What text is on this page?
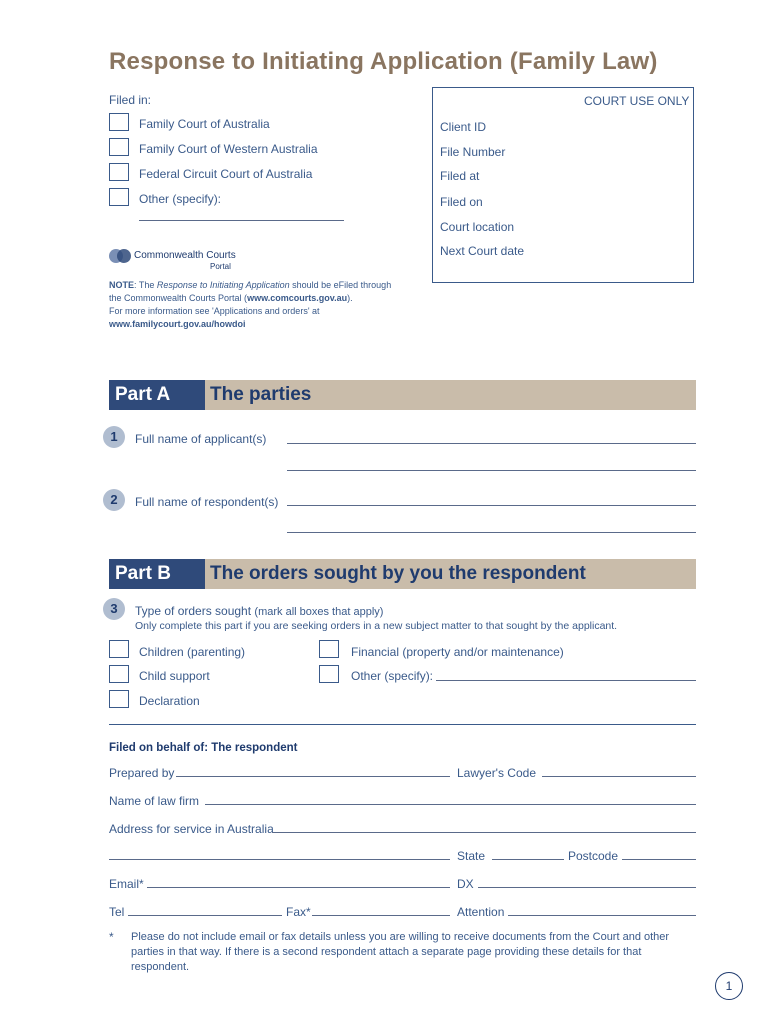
Response to Initiating Application (Family Law)
Filed in:
Family Court of Australia
Family Court of Western Australia
Federal Circuit Court of Australia
Other (specify):
COURT USE ONLY
Client ID
File Number
Filed at
Filed on
Court location
Next Court date
Commonwealth Courts
Portal
NOTE: The Response to Initiating Application should be eFiled through
the Commonwealth Courts Portal (www.comcourts.gov.au).
For more information see 'Applications and orders' at
www.familycourt.gov.au/howdoi
Part A	The parties
1	Full name of applicant(s)
2	Full name of respondent(s)
Part B	The orders sought by you the respondent
3	Type of orders sought (mark all boxes that apply)
Only complete this part if you are seeking orders in a new subject matter to that sought by the applicant.
Children (parenting)
Child support
Declaration
Financial (property and/or maintenance)
Other (specify):
Filed on behalf of: The respondent
Prepared by	Lawyer's Code
Name of law firm
Address for service in Australia
State	Postcode
Email*	DX
Tel	Fax*	Attention
* Please do not include email or fax details unless you are willing to receive documents from the Court and other parties in that way. If there is a second respondent attach a separate page providing these details for that respondent.
1
